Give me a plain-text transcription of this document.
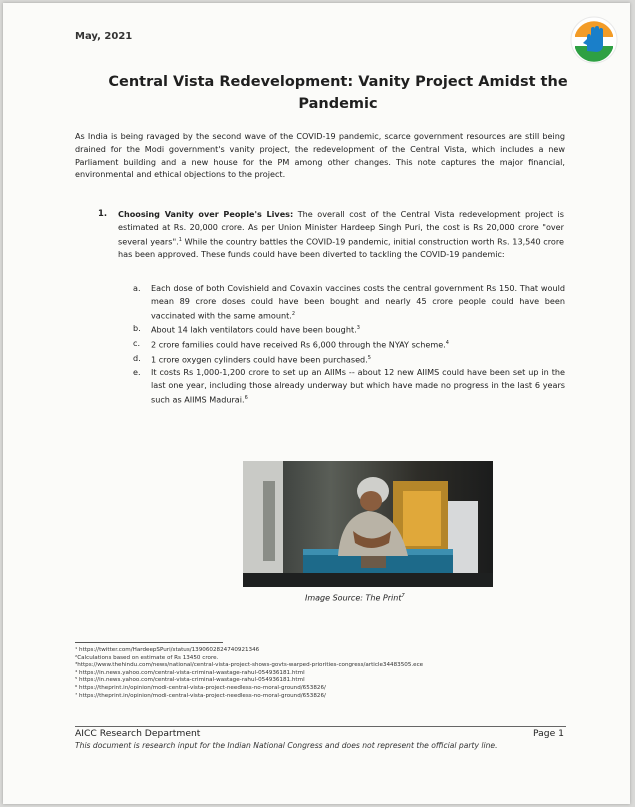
May, 2021
Central Vista Redevelopment: Vanity Project Amidst the
Pandemic
As India is being ravaged by the second wave of the COVID-19 pandemic, scarce government resources are still being drained for the Modi government's vanity project, the redevelopment of the Central Vista, which includes a new Parliament building and a new house for the PM among other changes. This note captures the major financial, environmental and ethical objections to the project.
1. Choosing Vanity over People's Lives: The overall cost of the Central Vista redevelopment project is estimated at Rs. 20,000 crore. As per Union Minister Hardeep Singh Puri, the cost is Rs 20,000 crore "over several years".$^1$ While the country battles the COVID-19 pandemic, initial construction worth Rs. 13,540 crore has been approved. These funds could have been diverted to tackling the COVID-19 pandemic:
a.	Each dose of both Covishield and Covaxin vaccines costs the central government Rs 150. That would mean 89 crore doses could have been bought and nearly 45 crore people could have been vaccinated with the same amount.$^2$
b.	About 14 lakh ventilators could have been bought.$^3$
c.	2 crore families could have received Rs 6,000 through the NYAY scheme.$^4$
d.	1 crore oxygen cylinders could have been purchased.$^5$
e.	It costs Rs 1,000-1,200 crore to set up an AIIMs -- about 12 new AIIMS could have been set up in the last one year, including those already underway but which have made no progress in the last 6 years such as AIIMS Madurai.$^6$
Image Source: The Print$^7$
¹ https://twitter.com/HardeepSPuri/status/1390602824740921346
²Calculations based on estimate of Rs 13450 crore.
³https://www.thehindu.com/news/national/central-vista-project-shows-govts-warped-priorities-congress/article34483505.ece
⁴ https://in.news.yahoo.com/central-vista-criminal-wastage-rahul-054936181.html
⁵ https://in.news.yahoo.com/central-vista-criminal-wastage-rahul-054936181.html
⁶ https://theprint.in/opinion/modi-central-vista-project-needless-no-moral-ground/653826/
⁷ https://theprint.in/opinion/modi-central-vista-project-needless-no-moral-ground/653826/
AICC Research Department	Page 1
This document is research input for the Indian National Congress and does not represent the official party line.
